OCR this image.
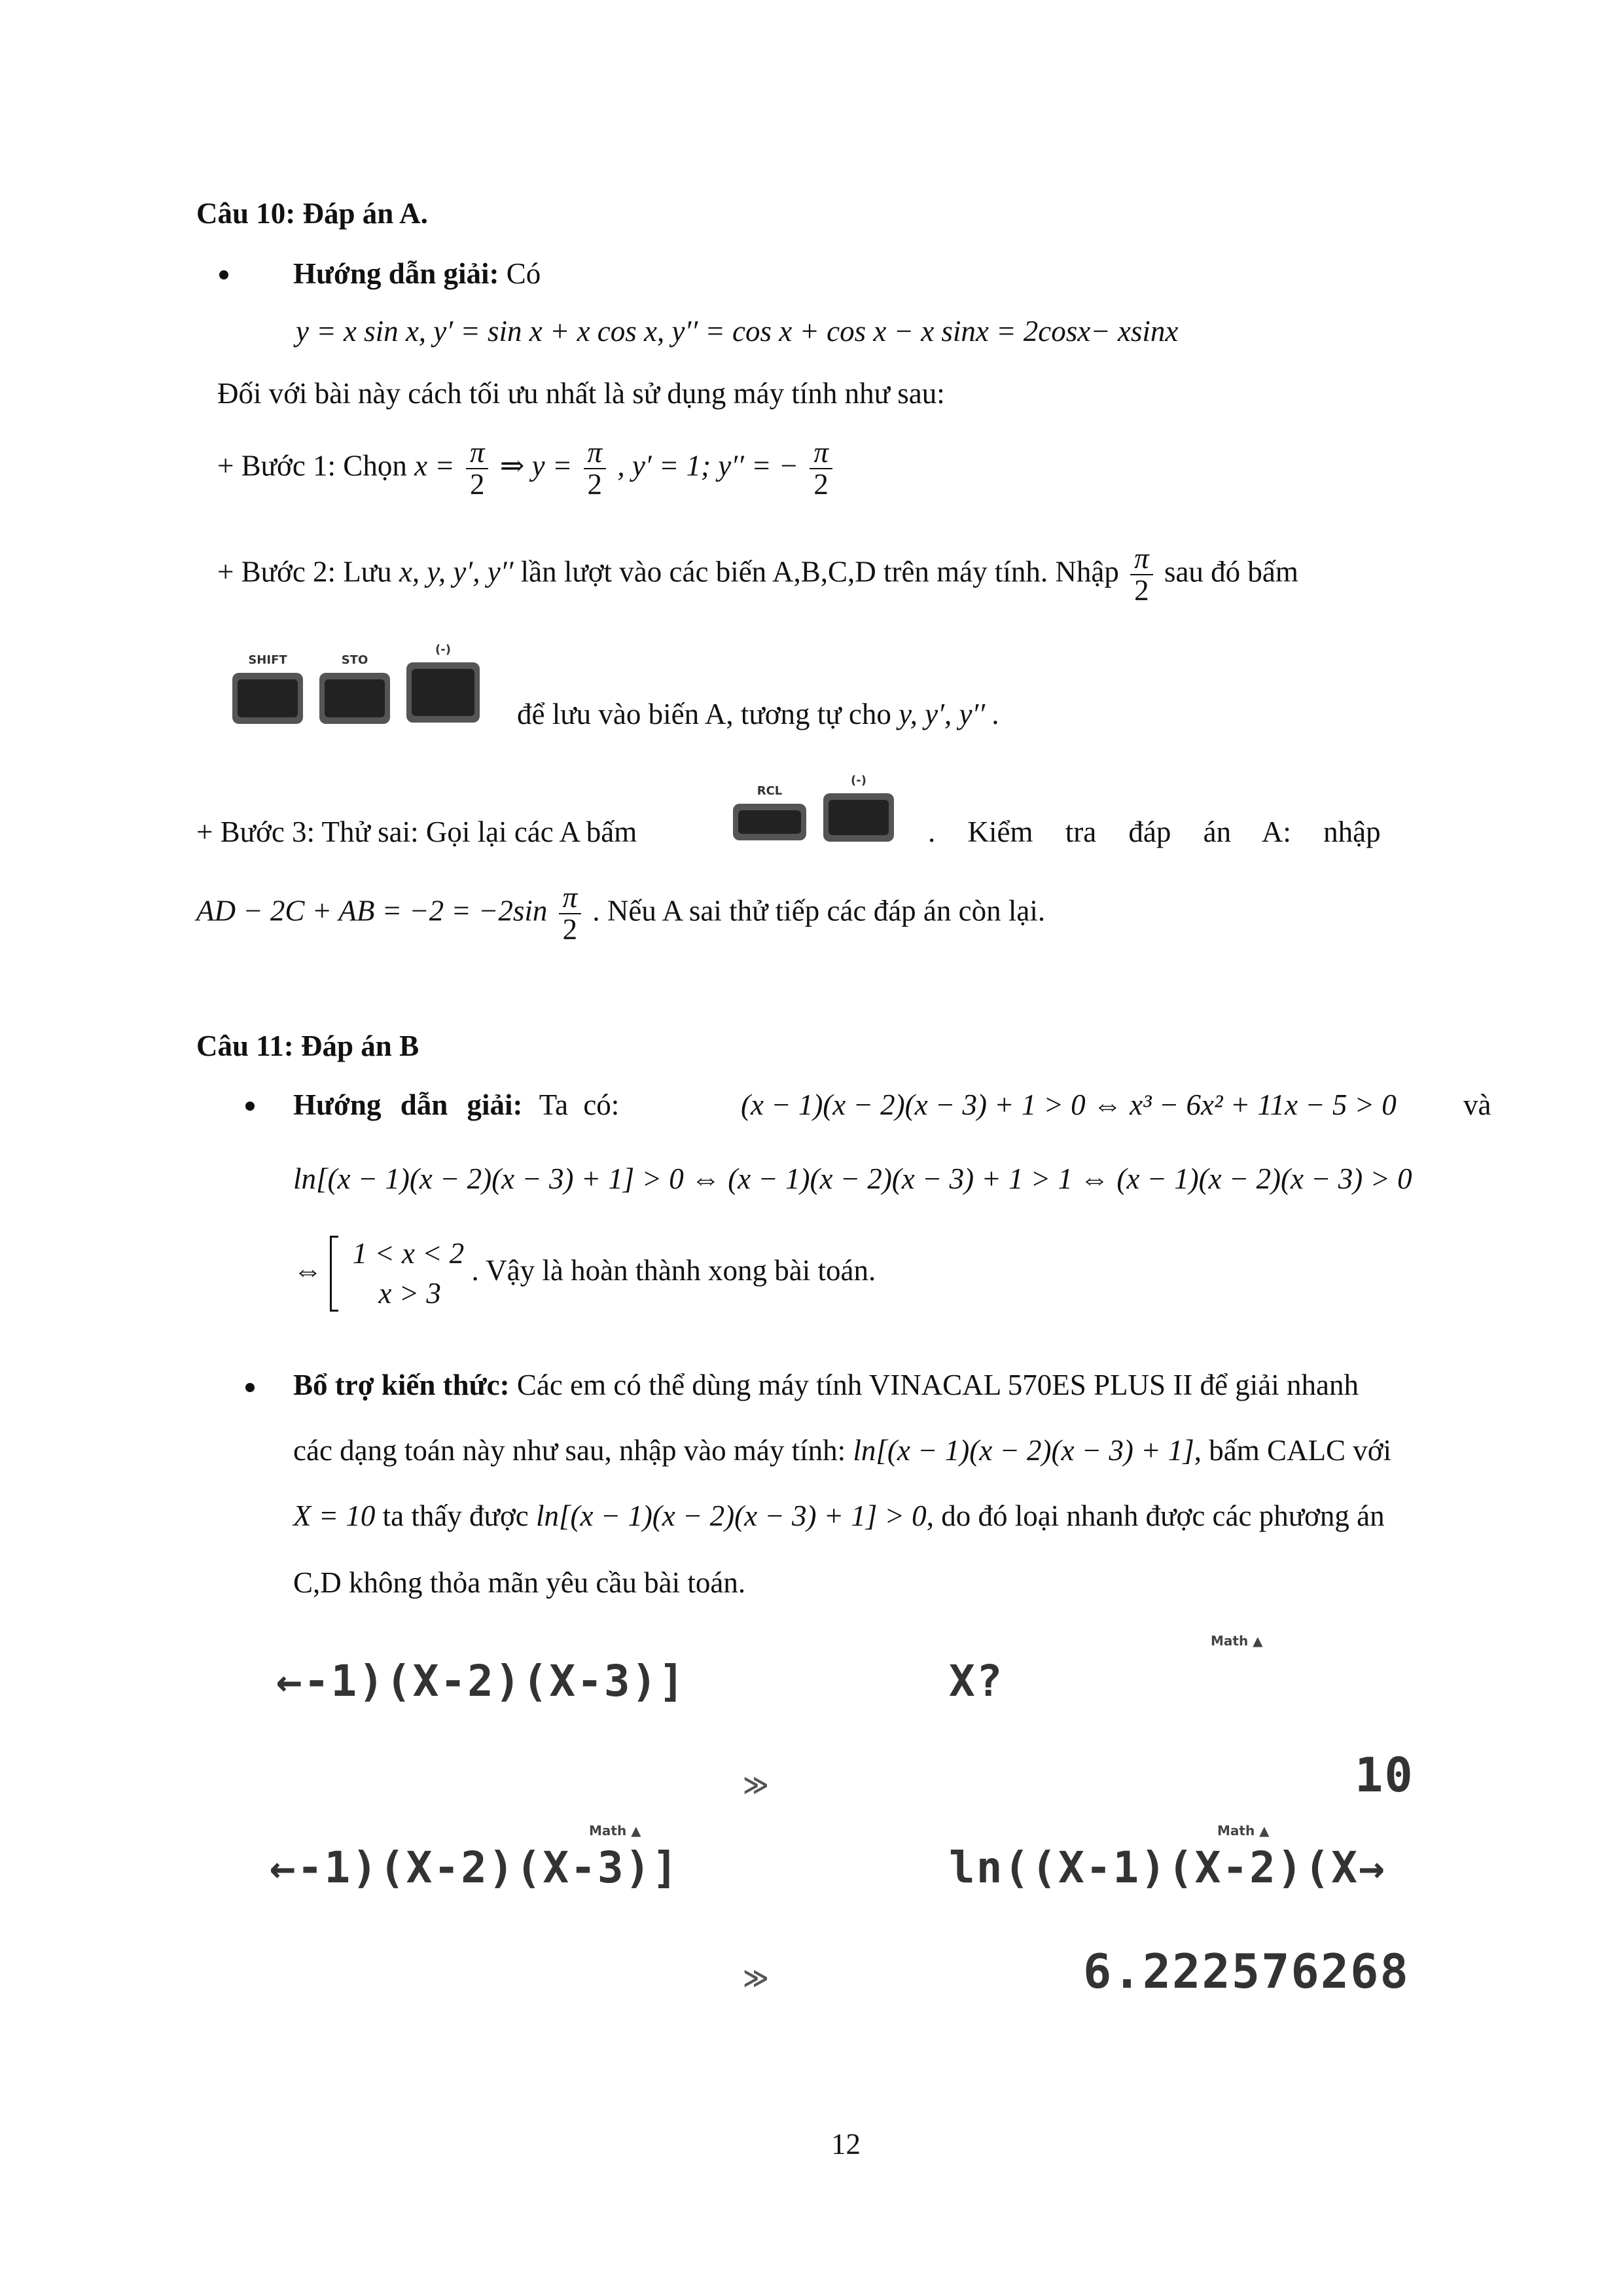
Câu 10: Đáp án A.
Hướng dẫn giải: Có
y = x sin x, y′ = sin x + x cos x, y′′ = cos x + cos x − x sinx = 2cosx− xsinx
Đối với bài này cách tối ưu nhất là sử dụng máy tính như sau:
+ Bước 1: Chọn $x = \frac{\pi}{2}$ ⇒ $y = \frac{\pi}{2}$ , y′ = 1; y′′ = − $\frac{\pi}{2}$
+ Bước 2: Lưu x, y, y′, y′′ lần lượt vào các biến A,B,C,D trên máy tính. Nhập $\frac{\pi}{2}$ sau đó bấm
SHIFT	STO
(-)
để lưu vào biến A, tương tự cho y, y′, y′′ .
+ Bước 3: Thử sai: Gọi lại các A bấm
RCL
(-)
. Kiểm tra đáp án A: nhập
AD − 2C + AB = $-2 = -2\sin \frac{\pi}{2}$ . Nếu A sai thử tiếp các đáp án còn lại.
Câu 11: Đáp án B
Hướng dẫn giải: Ta có:	(x − 1)(x − 2)(x − 3) + 1 > 0 ⇔ x³ − 6x² + 11x − 5 > 0 và
ln[(x − 1)(x − 2)(x − 3) + 1] > 0 ⇔ (x − 1)(x − 2)(x − 3) + 1 > 1 ⇔ (x − 1)(x − 2)(x − 3) > 0
⇔
1 < x < 2
x > 3
. Vậy là hoàn thành xong bài toán.
Bổ trợ kiến thức: Các em có thể dùng máy tính VINACAL 570ES PLUS II để giải nhanh
các dạng toán này như sau, nhập vào máy tính: ln[(x − 1)(x − 2)(x − 3) + 1], bấm CALC với
X = 10 ta thấy được ln[(x − 1)(x − 2)(x − 3) + 1] > 0, do đó loại nhanh được các phương án
C,D không thỏa mãn yêu cầu bài toán.
←-1)(X-2)(X-3)]	X?
Math ▲
10
≫
Math ▲
←-1)(X-2)(X-3)]
Math ▲
ln((X-1)(X-2)(X→
≫	6.222576268
12
